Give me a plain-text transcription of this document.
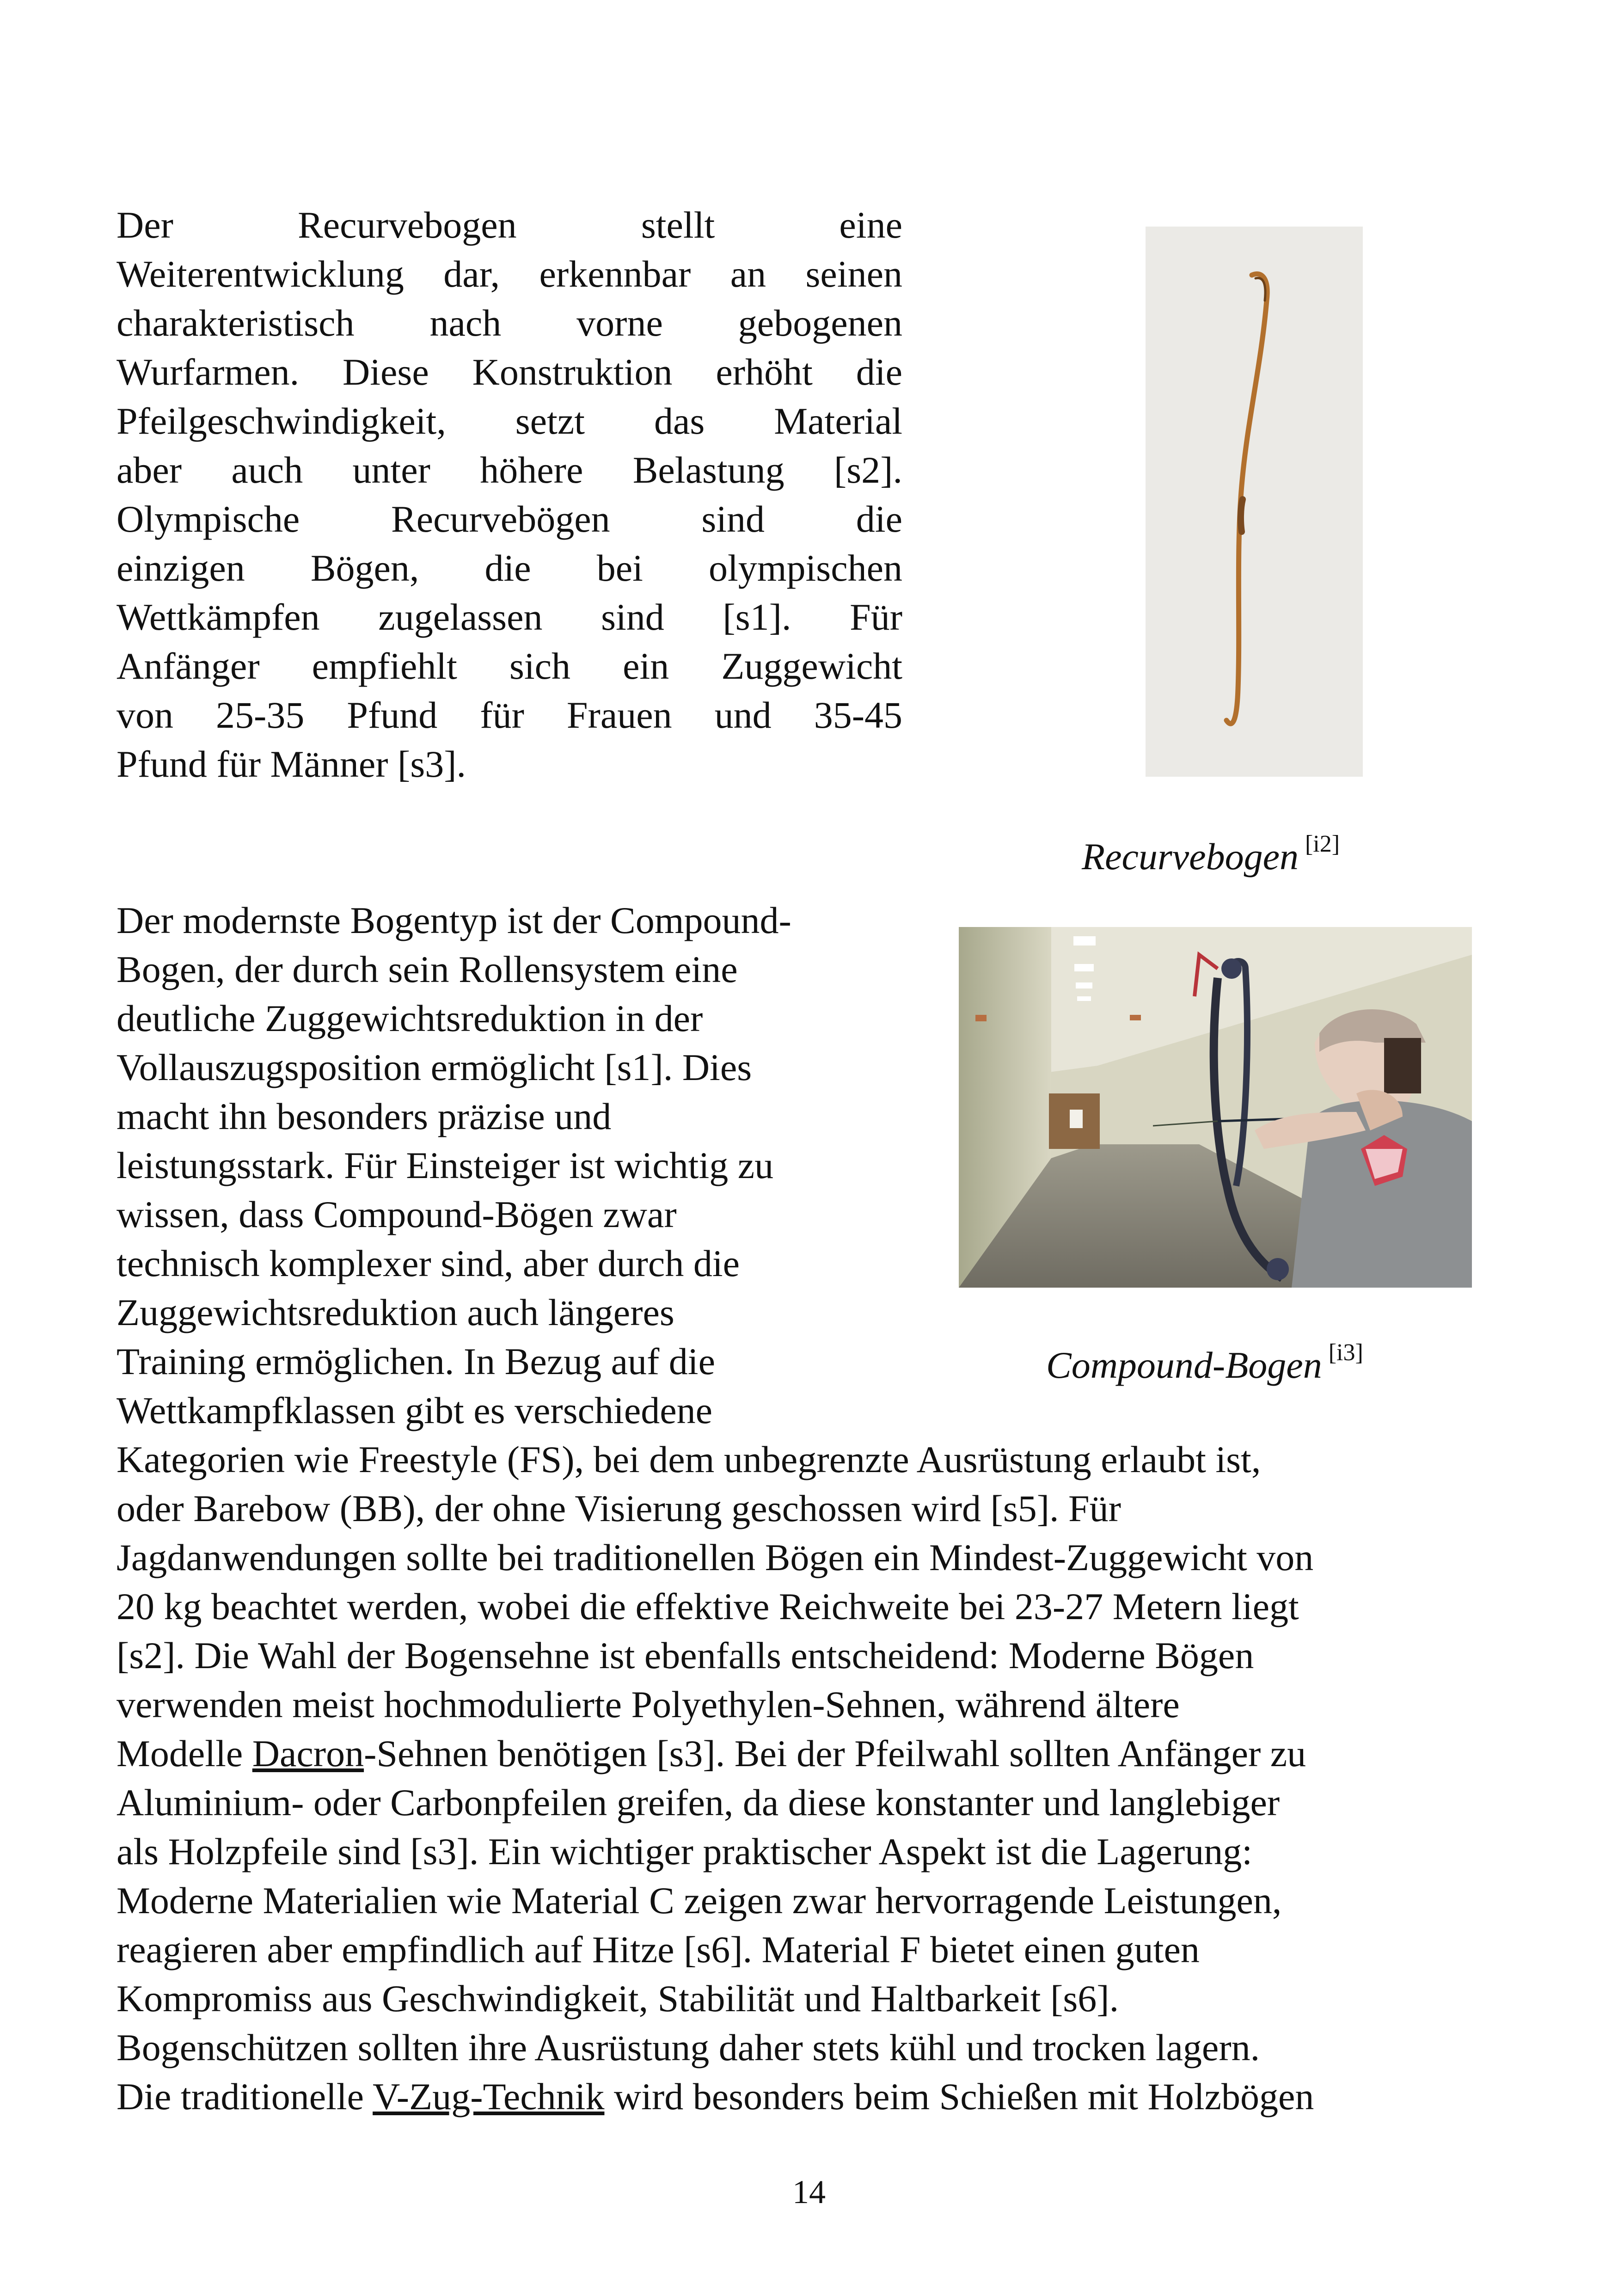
Der Recurvebogen stellt eine
Weiterentwicklung dar, erkennbar an seinen
charakteristisch nach vorne gebogenen
Wurfarmen. Diese Konstruktion erhöht die
Pfeilgeschwindigkeit, setzt das Material
aber auch unter höhere Belastung [s2].
Olympische Recurvebögen sind die
einzigen Bögen, die bei olympischen
Wettkämpfen zugelassen sind [s1]. Für
Anfänger empfiehlt sich ein Zuggewicht
von 25-35 Pfund für Frauen und 35-45
Pfund für Männer [s3].
Recurvebogen [i2]
Compound-Bogen [i3]
Der modernste Bogentyp ist der Compound-
Bogen, der durch sein Rollensystem eine
deutliche Zuggewichtsreduktion in der
Vollauszugsposition ermöglicht [s1]. Dies
macht ihn besonders präzise und
leistungsstark. Für Einsteiger ist wichtig zu
wissen, dass Compound-Bögen zwar
technisch komplexer sind, aber durch die
Zuggewichtsreduktion auch längeres
Training ermöglichen. In Bezug auf die
Wettkampfklassen gibt es verschiedene
Kategorien wie Freestyle (FS), bei dem unbegrenzte Ausrüstung erlaubt ist,
oder Barebow (BB), der ohne Visierung geschossen wird [s5]. Für
Jagdanwendungen sollte bei traditionellen Bögen ein Mindest-Zuggewicht von
20 kg beachtet werden, wobei die effektive Reichweite bei 23-27 Metern liegt
[s2]. Die Wahl der Bogensehne ist ebenfalls entscheidend: Moderne Bögen
verwenden meist hochmodulierte Polyethylen-Sehnen, während ältere
Modelle Dacron-Sehnen benötigen [s3]. Bei der Pfeilwahl sollten Anfänger zu
Aluminium- oder Carbonpfeilen greifen, da diese konstanter und langlebiger
als Holzpfeile sind [s3]. Ein wichtiger praktischer Aspekt ist die Lagerung:
Moderne Materialien wie Material C zeigen zwar hervorragende Leistungen,
reagieren aber empfindlich auf Hitze [s6]. Material F bietet einen guten
Kompromiss aus Geschwindigkeit, Stabilität und Haltbarkeit [s6].
Bogenschützen sollten ihre Ausrüstung daher stets kühl und trocken lagern.
Die traditionelle V-Zug-Technik wird besonders beim Schießen mit Holzbögen
14
